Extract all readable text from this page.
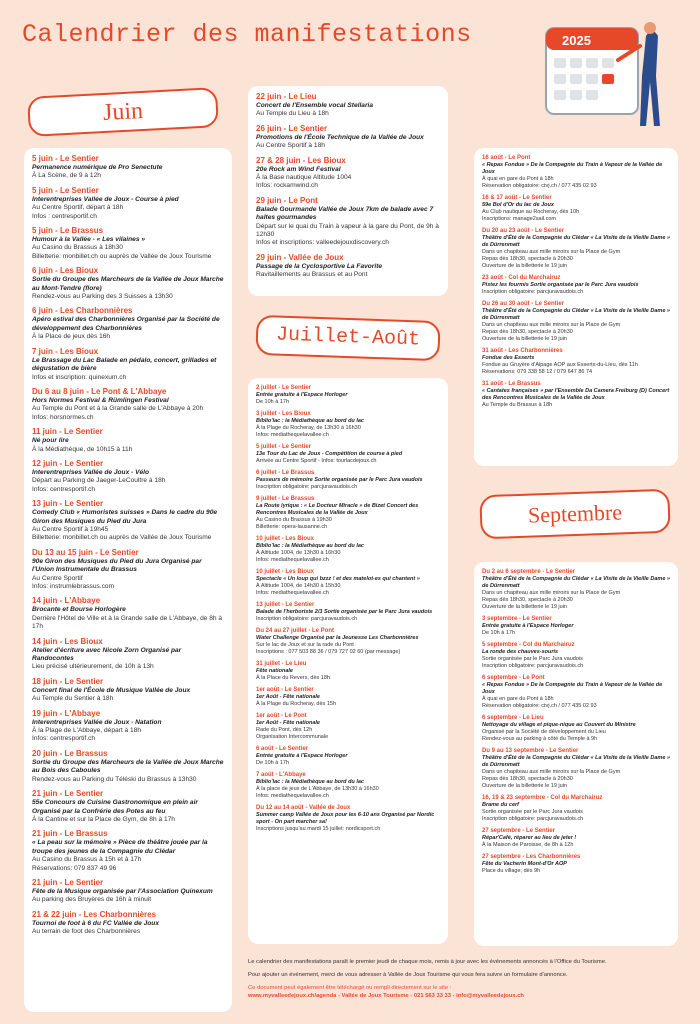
Calendrier des manifestations	2025
Juin
5 juin - Le Sentier
Permanence numérique de Pro Senectute
À La Scène, de 9 à 12h
5 juin - Le Sentier
Interentreprises Vallée de Joux - Course à pied
Au Centre Sportif, départ à 18h
Infos : centresportif.ch
5 juin - Le Brassus
Humour à la Vallée - « Les vilaines »
Au Casino du Brassus à 18h30
Billetterie: monbillet.ch ou auprès de Vallée de Joux Tourisme
6 juin - Les Bioux
Sortie du Groupe des Marcheurs de la Vallée de Joux Marche au Mont-Tendre (flore)
Rendez-vous au Parking des 3 Suisses à 13h30
6 juin - Les Charbonnières
Apéro estival des Charbonnières Organisé par la Société de développement des Charbonnières
À la Place de jeux dès 16h
7 juin - Les Bioux
Le Brassage du Lac Balade en pédalo, concert, grillades et dégustation de bière
Infos et inscription: quinexum.ch
Du 6 au 8 juin - Le Pont & L'Abbaye
Hors Normes Festival & Rümlingen Festival
Au Temple du Pont et à la Grande salle de L'Abbaye à 20h
Infos: horsnormes.ch
11 juin - Le Sentier
Né pour lire
À la Médiathèque, de 10h15 à 11h
12 juin - Le Sentier
Interentreprises Vallée de Joux - Vélo
Départ au Parking de Jaeger-LeCoultre à 18h
Infos: centresportif.ch
13 juin - Le Sentier
Comedy Club « Humoristes suisses » Dans le cadre du 90e Giron des Musiques du Pied du Jura
Au Centre Sportif à 19h45
Billetterie: monbillet.ch ou auprès de Vallée de Joux Tourisme
Du 13 au 15 juin - Le Sentier
90e Giron des Musiques du Pied du Jura Organisé par l'Union Instrumentale du Brassus
Au Centre Sportif
Infos: instrumlebrassus.com
14 juin - L'Abbaye
Brocante et Bourse Horlogère
Derrière l'Hôtel de Ville et à la Grande salle de L'Abbaye, de 8h à 17h
14 juin - Les Bioux
Atelier d'écriture avec Nicole Zorn Organisé par Randocontes
Lieu précisé ultérieurement, de 10h à 13h
18 juin - Le Sentier
Concert final de l'École de Musique Vallée de Joux
Au Temple du Sentier à 18h
19 juin - L'Abbaye
Interentreprises Vallée de Joux - Natation
À la Plage de L'Abbaye, départ à 18h
Infos: centresportif.ch
20 juin - Le Brassus
Sortie du Groupe des Marcheurs de la Vallée de Joux Marche au Bois des Caboules
Rendez-vous au Parking du Téléski du Brassus à 13h30
21 juin - Le Sentier
55e Concours de Cuisine Gastronomique en plein air Organisé par la Confrérie des Potes au feu
À la Cantine et sur la Place de Gym, de 8h à 17h
21 juin - Le Brassus
« La peau sur la mémoire » Pièce de théâtre jouée par la troupe des jeunes de la Compagnie du Clédar
Au Casino du Brassus à 15h et à 17h
Réservations: 079 837 49 96
21 juin - Le Sentier
Fête de la Musique organisée par l'Association Quinexum
Au parking des Bruyères de 16h à minuit
21 & 22 juin - Les Charbonnières
Tournoi de foot à 6 du FC Vallée de Joux
Au terrain de foot des Charbonnières
22 juin - Le Lieu
Concert de l'Ensemble vocal Stellaria
Au Temple du Lieu à 18h
26 juin - Le Sentier
Promotions de l'École Technique de la Vallée de Joux
Au Centre Sportif à 18h
27 & 28 juin - Les Bioux
20e Rock am Wind Festival
À la Base nautique Altitude 1004
Infos: rockamwind.ch
29 juin - Le Pont
Balade Gourmande Vallée de Joux 7km de balade avec 7 haltes gourmandes
Départ sur le quai du Train à vapeur à la gare du Pont, de 9h à 12h30
Infos et inscriptions: valleedejouxdiscovery.ch
29 juin - Vallée de Joux
Passage de la Cyclosportive La Favorite
Ravitaillements au Brassus et au Pont
Juillet-Août
2 juillet - Le Sentier
Entrée gratuite à l'Espace Horloger
De 10h à 17h
3 juillet - Les Bioux
Biblio'lac : la Médiathèque au bord du lac
À la Plage du Rocheray, de 13h30 à 16h30
Infos: mediathequelavallee.ch
5 juillet - Le Sentier
13e Tour du Lac de Joux - Compétition de course à pied
Arrivée au Centre Sportif - Infos: tourlacdejoux.ch
6 juillet - Le Brassus
Passeurs de mémoire Sortie organisée par le Parc Jura vaudois
Inscription obligatoire: parcjuravaudois.ch
9 juillet - Le Brassus
La Route lyrique : « Le Docteur Miracle » de Bizet Concert des Rencontres Musicales de la Vallée de Joux
Au Casino du Brassus à 19h30
Billetterie: opera-lausanne.ch
10 juillet - Les Bioux
Biblio'lac : la Médiathèque au bord du lac
À Altitude 1004, de 13h30 à 16h30
Infos: mediathequelavallee.ch
10 juillet - Les Bioux
Spectacle « Un loup qui bzzz ! et des matelot-es qui chantent »
À Altitude 1004, de 14h30 à 15h30
Infos: mediathequelavallee.ch
13 juillet - Le Sentier
Balade de l'herboriste 2/3 Sortie organisée par le Parc Jura vaudois
Inscription obligatoire: parcjuravaudois.ch
Du 24 au 27 juillet - Le Pont
Water Challenge Organisé par la Jeunesse Les Charbonnières
Sur le lac de Joux et sur la rade du Pont
Inscriptions : 077 503 88 36 / 079 727 02 60 (par message)
31 juillet - Le Lieu
Fête nationale
À la Place du Revers, dès 18h
1er août - Le Sentier
1er Août - Fête nationale
À la Plage du Rocheray, dès 15h
1er août - Le Pont
1er Août - Fête nationale
Rade du Pont, dès 12h
Organisation Intercommunale
6 août - Le Sentier
Entrée gratuite à l'Espace Horloger
De 10h à 17h
7 août - L'Abbaye
Biblio'lac : la Médiathèque au bord du lac
À la place de jeux de L'Abbaye, de 13h30 à 16h30
Infos: mediathequelavallee.ch
Du 12 au 14 août - Vallée de Joux
Summer camp Vallée de Joux pour les 6-10 ans Organisé par Nordic sport - On part marcher sa!
Inscriptions jusqu'au mardi 15 juillet: nordicsport.ch
16 août - Le Pont
« Repas Fondue » De la Compagnie du Train à Vapeur de la Vallée de Joux
À quai en gare du Pont à 18h
Réservation obligatoire: ctvj.ch / 077 435 02 93
16 & 17 août - Le Sentier
59e Bol d'Or du lac de Joux
Au Club nautique au Rocheray, dès 10h
Inscriptions: manage2sail.com
Du 20 au 23 août - Le Sentier
Théâtre d'Été de la Compagnie du Clédar « La Visite de la Vieille Dame » de Dürrenmatt
Dans un chapiteau aux mille miroirs sur la Place de Gym
Repas dès 18h30, spectacle à 20h30
Ouverture de la billetterie le 19 juin
23 août - Col du Marchairuz
Pistez les fourmis Sortie organisée par le Parc Jura vaudois
Inscription obligatoire: parcjuravaudois.ch
Du 26 au 30 août - Le Sentier
Théâtre d'Été de la Compagnie du Clédar « La Visite de la Vieille Dame » de Dürrenmatt
Dans un chapiteau aux mille miroirs sur la Place de Gym
Repas dès 18h30, spectacle à 20h30
Ouverture de la billetterie le 19 juin
31 août - Les Charbonnières
Fondue des Esserts
Fondue au Gruyère d'Alpage AOP aux Esserts-du-Lieu, dès 11h
Réservations: 079 338 58 12 / 079 647 86 74
31 août - Le Brassus
« Cantates françaises » par l'Ensemble Da Camera Freiburg (D) Concert des Rencontres Musicales de la Vallée de Joux
Au Temple du Brassus à 18h
Septembre
Du 2 au 6 septembre - Le Sentier
Théâtre d'Été de la Compagnie du Clédar « La Visite de la Vieille Dame » de Dürrenmatt
Dans un chapiteau aux mille miroirs sur la Place de Gym
Repas dès 18h30, spectacle à 20h30
Ouverture de la billetterie le 19 juin
3 septembre - Le Sentier
Entrée gratuite à l'Espace Horloger
De 10h à 17h
5 septembre - Col du Marchairuz
La ronde des chauves-souris
Sortie organisée par le Parc Jura vaudois
Inscription obligatoire: parcjuravaudois.ch
6 septembre - Le Pont
« Repas Fondue » De la Compagnie du Train à Vapeur de la Vallée de Joux
À quai en gare du Pont à 18h
Réservation obligatoire: ctvj.ch / 077 435 02 93
6 septembre - Le Lieu
Nettoyage du village et pique-nique au Couvert du Ministre
Organisé par la Société de développement du Lieu
Rendez-vous au parking à côté du Temple à 9h
Du 9 au 13 septembre - Le Sentier
Théâtre d'Été de la Compagnie du Clédar « La Visite de la Vieille Dame » de Dürrenmatt
Dans un chapiteau aux mille miroirs sur la Place de Gym
Repas dès 18h30, spectacle à 20h30
Ouverture de la billetterie le 19 juin
16, 19 & 23 septembre - Col du Marchairuz
Brame du cerf
Sortie organisée par le Parc Jura vaudois
Inscription obligatoire: parcjuravaudois.ch
27 septembre - Le Sentier
Répar'Café, réparer au lieu de jeter !
À la Maison de Paroisse, de 8h à 12h
27 septembre - Les Charbonnières
Fête du Vacherin Mont-d'Or AOP
Place du village, dès 9h

Le calendrier des manifestations paraît le premier jeudi de chaque mois, remis à jour avec les événements annoncés à l'Office du Tourisme.

Pour ajouter un événement, merci de vous adresser à Vallée de Joux Tourisme qui vous fera suivre un formulaire d'annonce.

Ce document peut également être téléchargé ou rempli directement sur le site :

www.myvalleedejoux.ch/agenda - Vallée de Joux Tourisme - 021 563 33 33 - info@myvalleedejoux.ch
